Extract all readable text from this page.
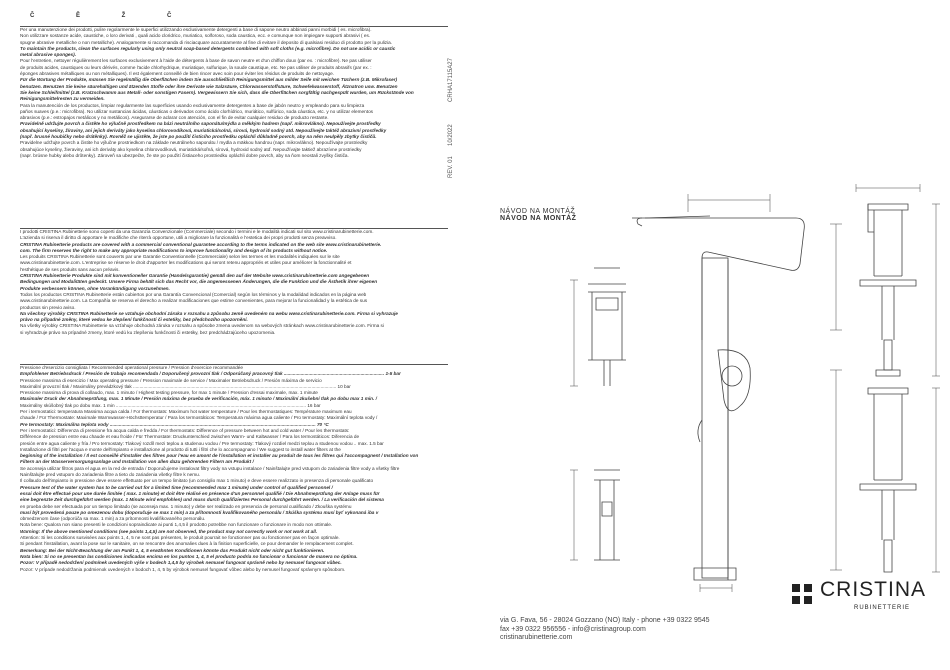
Č Ě Ž Č
Per una manutenzione dei prodotti, pulire regolarmente le superfici utilizzando esclusivamente detergenti a base di sapone neutro abbinati panni morbidi ( es. microfibra).
Non utilizzare sostanze acide, caustiche, o loro derivati , quali acido cloridrico, muriatico, solforoso, soda caustica, ecc. e comunque non impiegare supporti abrasivi ( es.
spugne abrasive metalliche o non metalliche). Analogamente si raccomanda di risciacquare accuratamente al fine di evitare il deposito di qualsiasi residuo di prodotto per la pulizia.
To maintain the products, clean the surfaces regularly using only neutral soap-based detergents combined with soft cloths (e.g. microfibre). Do not use acidic or caustic
metal abrasive sponges).
Pour l'entretien, nettoyer régulièrement les surfaces exclusivement à l'aide de détergents à base de savon neutre et d'un chiffon doux (par ex. : microfibre). Ne pas utiliser
de produits acides, caustiques ou leurs dérivés, comme l'acide chlorhydrique, muriatique, sulfurique, la soude caustique, etc. Ne pas utiliser de produits abrasifs (par ex. :
éponges abrasives métalliques ou non métalliques). Il est également conseillé de bien rincer avec soin pour éviter les résidus de produits de nettoyage.
Für die Wartung der Produkte, müssen Sie regelmäßig die Oberflächen indem Sie ausschließlich Reinigungsmittel aus milder Seife mit weichen Tüchern (z.B. Mikrofaser)
benutzen. Benutzen Sie keine säurehaltigen und ätzenden Stoffe oder ihre Derivate wie Salzsäure, Chlorwasserstoffsäure, Schwefelwasserstoff, Ätznatron usw. Benutzen
Sie keine Schleifmittel (z.B. Kratzschwamm aus Metall- oder sonstigen Fasern). Vergewissern Sie sich, dass die Oberflächen sorgfältig nachgespült wurden, um Rückstände von
Reinigungsmittelresten zu vermeiden.
Para la manutención de los productos, limpiar regularmente las superficies usando exclusivamente detergentes a base de jabón neutro y empleando para su limpieza
paños suaves (p.e.: microfibra). No utilizar sustancias ácidas, cáusticas o derivados como ácido clorhídrico, muriático, sulfúrico, soda cáustica, etc. y no utilizar elementos
abrasivos (p.e.: estropajos metálicos y no metálicos). Asegurarse de aclarar con atención, con el fin de evitar cualquier residuo de producto restante.
Pravidelně udržujte povrch a čistěte ho výlučně prostředkem na bázi neutrálního saponátu/mýdla a měkkým hadrem (např. mikrovlákno). Nepoužívejte prostředky
obsahující kyseliny, žíraviny, ani jejich deriváty jako kyselina chlorovodíková, muriatická/solná, sírová, hydroxid sodný atd. Nepoužívejte taktéž abrazivní prostředky
(např. brusné houbičky nebo drátěnky). Rovněž se ujistěte, že jste po použití čisticího prostředku opláchli důkladně povrch, aby na něm neulpěly zbytky čističů.
Pravidelne udržujte povrch a čistite ho výlučne prostriedkom na základe neutrálneho saponátu / mydla a mäkkou handrou (napr. mikrovlákno). Nepoužívajte prostriedky
obsahujúce kyseliny, žieraviny, ani ich deriváty ako kyselina chlorovodíková, muriatická/soľná, sírová, hydroxid sodný atď. Nepoužívajte taktiež abrazívne prostriedky
(napr. brúsne hubky alebo drôtenky). Zároveň sa ubezpečte, že ste po použití čistiaceho prostriedku opláchli dobre povrch, aby na ňom neostali zvyšky čističa.
I prodotti CRISTINA Rubinetterie sono coperti da una Garanzia Convenzionale (Commerciale) secondo i termini e le modalità indicati sul sito www.cristinarubinetterie.com.
L'azienda si riserva il diritto di apportare le modifiche che riterrà opportune, utili a migliorare la funzionalità e l'estetica dei propri prodotti senza preavviso.
CRISTINA Rubinetterie products are covered with a commercial conventional guarantee according to the terms indicated on the web site www.cristinarubinetterie.
com. The firm reserves the right to make any appropriate modifications to improve functionality and design of its products without notice.
Les produits CRISTINA Rubinetterie sont couverts par une Garantie Conventionnelle (Commerciale) selon les termes et les modalités indiquées sur le site
www.cristinarubinetterie.com. L'entreprise se réserve le droit d'apporter les modifications qui seront retenu appropriés et utiles pour améliorer la fonctionnalité et
l'esthétique de ses produits sans aucun préavis.
CRISTINA Rubinetterie Produkte sind mit konventioneller Garantie (Handelsgarantie) gemäß den auf der Website www.cristinarubinetterie.com angegebenen
Bedingungen und Modalitäten gedeckt. Unsere Firma behält sich das Recht vor, die angemessenen Änderungen, die die Funktion und die Ästhetik ihrer eigenen
Produkte verbessern können, ohne Vorankündigung vorzunehmen.
Todos los productos CRISTINA Rubinetterie están cubiertos por una Garantía Convencional (Comercial) según los términos y la modalidad indicados en la página web
www.cristinarubinetterie.com. La Compañía se reserva el derecho a realizar modificaciones que estime convenientes, para mejorar la funcionalidad y la estética de sus
productos sin previo aviso.
Na všechny výrobky CRISTINA Rubinetterie se vztahuje obchodní záruka v rozsahu a způsobu země uvedeném na webu www.cristinarubinetterie.com. Firma si vyhrazuje
právo na případné změny, které vedou ke zlepšení funkčnosti či estetiky, bez předchozího upozornění.
Na všetky výrobky CRISTINA Rubinetterie sa vzťahuje obchodná záruka v rozsahu a spôsobe zmena uvedenom na webových stránkach www.cristinarubinetterie.com. Firma si
si vyhradzuje právo na prípadné zmeny, ktoré vedú ku zlepšeniu funkčnosti či estetiky, bez predchádzajúceho upozornenia.
Pressione d'esercizio consigliata / Recommended operational pressure / Pression d'exercice recommandée
Empfohlener Betriebsdruck / Presión de trabajo recomendada / Doporučený provozní tlak / Odporúčaný pracovný tlak ............................................................................. 1-5 bar
Pressione massima di esercizio / Max operating pressure / Pression maximale de service / Maximaler Betriebsdruck / Presión máxima de servicio
Maximální provozní tlak / Maximálny prevádzkový tlak ............................................................................................................................................................ 10 bar
Pressione massima di prova di collaudo, max. 1 minuto / Highest testing pressure, for max 1 minute / Pression d'essai maximale, max. 1 minute
Maximaler Druck der Abnahmeprüfung, max. 1 Minute / Presión máxima de prueba de verificación, máx. 1 minuto / Maximální zkušební tlak po dobu max 1 min. /
Maximálny skúšobný tlak po dobu max. 1 min .................................................................................................................................................. 16 bar
Per i termostatici: temperatura Massima acqua calda / For thermostats: Maximum hot water temperature / Pour les thermostatiques: Température maximum eau
chaude / Für Thermostate: Maximale Warmwasser-Höchsttemperatur / Para los termostáticos: Temperatura máxima agua caliente / Pro termostaty: Maximální teplota vody /
Pre termostaty: Maximálna teplota vody .............................................................................................................................................................. 70 °C
Per i termostatici: Differenza di pressione fra acqua calda e fredda / For thermostats: Difference of pressure between hot and cold water / Pour les thermostats:
Différence de pression entre eau chaude et eau froide / Für Thermostate: Druckunterschied zwischen Warm- und Kaltwasser / Para los termostáticos: Diferencia de
presión entre agua caliente y fría / Pro termostaty: Tlakový rozdíl mezi teplou a studenou vodou / Pre termostaty: Tlakový rozdiel medzi teplou a studenou vodou .. max. 1.5 bar
Installazione di filtri per l'acqua e monte dell'impianto e installazione al prodotto di tutti i filtri che lo accompagnano / We suggest to install water filters at the
beginning of the installation / Il est conseillé d'installer des filtres pour l'eau en amont de l'installation et installer au produit de tous les filtres qui l'accompagnent / Installation von
Filtern an der Wasserversorgungsanlage und Installation von allen dazu gehörenden Filtern am Produkt /
Se aconseja utilizar filtros para el agua en la red de entrada / Doporučujeme instalovat filtry vody na vstupu instalace / Nainštalujte pred vstupom do zariadenia filtre vody a všetky filtre
Nainštalujte pred vstupom do zariadenia filtre a tieto do zariadenia všetky filtre k nemu.
Il collaudo dell'impianto in pressione deve essere effettuato per un tempo limitato (un consiglio max 1 minuto) e deve essere realizzato in presenza di personale qualificato
Pressure test of the water system has to be carried out for a limited time (recommended max 1 minute) under control of qualified personnel /
essai doit être effectué pour une durée limitée ( max. 1 minute) et doit être réalisé en présence d'un personnel qualifié / Die Abnahmeprüfung der Anlage muss für
eine begrenzte Zeit durchgeführt werden (max. 1 Minute wird empfohlen) und muss durch qualifiziertes Personal durchgeführt werden. / La verificación del sistema
en prueba debe ser efectuada por un tiempo limitado (se aconseja max. 1 minuto) y debe ser realizado en presencia de personal cualificado / Zkouška systému
musí být provedená pouze po omezenou dobu (doporučuje se max 1 min) a za přítomnosti kvalifikovaného personálu / Skúška systému musí byť vykonaná iba v
obmedzenom čase (odporúča sa max. 1 min) a za prítomnosti kvalifikovaného personálu.
Nota bene: Qualora non siano presenti le condizioni sopraindicate ai punti 1,4,5 il prodotto potrebbe non funzionare o funzionare in modo non ottimale.
Warning: If the above mentioned conditions (see points 1,4,5) are not observed, the product may not correctly work or not work at all.
Attention: Si les conditions susvisées aux points 1, 4, 5 ne sont pas présentes, le produit pourrait ne fonctionner pas ou fonctionner pas en façon optimale.
Si pendant l'installation, avant la pose sur le sanitaire, on se rencontre des anomalies dues à la finition superficielle, ce pour demander le remplacement complet.
Bemerkung: Bei der Nicht-Beachtung der am Punkt 1, 4, 5 erwähnten Konditionen könnte das Produkt nicht oder nicht gut funktionieren.
Nota bien: Si no se presentan las condiciones indicadas encima en los puntos 1, 4, 5 el producto podría no funcionar o funcionar de manera no óptima.
Pozor: V případě nedodržení podmínek uvedených výše v bodech 1,4,5 by výrobek nemusel fungovat správně nebo by nemusel fungovat vůbec.
Pozor: V prípade nedodržania podmienok uvedených v bodoch 1, 4, 5 by výrobok nemusel fungovať vôbec alebo by nemusel fungovať správnym spôsobom.
CRHA17115A27
10/2022
REV. 01
NÁVOD NA MONTÁŽ
NÁVOD NA MONTÁŽ
CRISTINA
RUBINETTERIE
via G. Fava, 56 - 28024 Gozzano (NO) Italy - phone +39 0322 9545
fax +39 0322 956556 - info@cristinagroup.com
cristinarubinetterie.com
